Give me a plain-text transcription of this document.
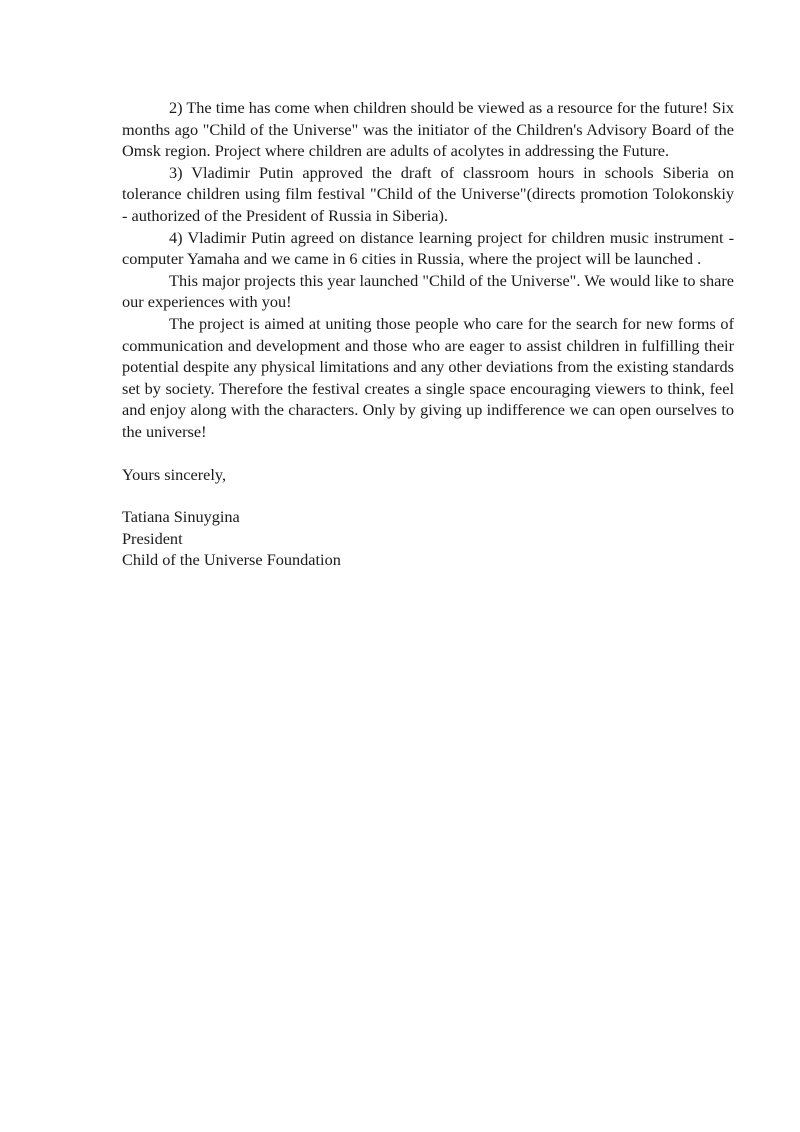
2) The time has come when children should be viewed as a resource for the future! Six months ago "Child of the Universe" was the initiator of the Children's Advisory Board of the Omsk region. Project where children are adults of acolytes in addressing the Future.

3) Vladimir Putin approved the draft of classroom hours in schools Siberia on tolerance children using film festival "Child of the Universe"(directs promotion Tolokonskiy - authorized of the President of Russia in Siberia).

4) Vladimir Putin agreed on distance learning project for children music instrument - computer Yamaha and we came in 6 cities in Russia, where the project will be launched .

This major projects this year launched "Child of the Universe". We would like to share our experiences with you!

The project is aimed at uniting those people who care for the search for new forms of communication and development and those who are eager to assist children in fulfilling their potential despite any physical limitations and any other deviations from the existing standards set by society. Therefore the festival creates a single space encouraging viewers to think, feel and enjoy along with the characters. Only by giving up indifference we can open ourselves to the universe!

Yours sincerely,

Tatiana Sinuygina
President
Child of the Universe Foundation
